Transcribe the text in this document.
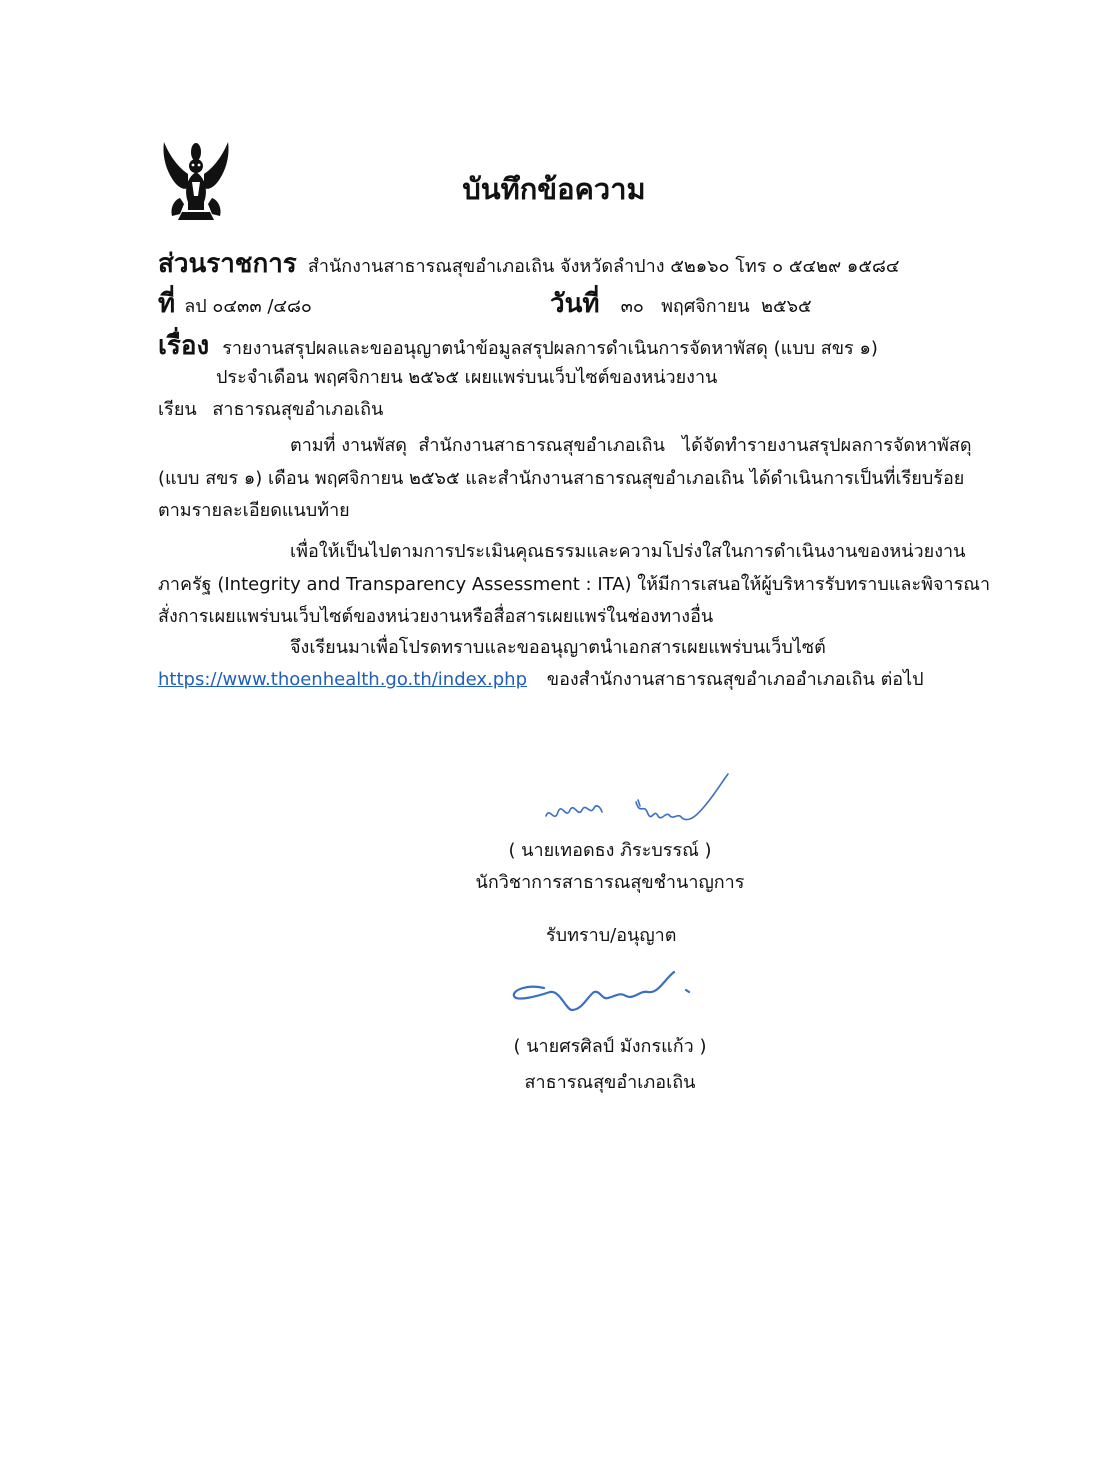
บันทึกข้อความ
ส่วนราชการ สำนักงานสาธารณสุขอำเภอเถิน จังหวัดลำปาง ๕๒๑๖๐ โทร ๐ ๕๔๒๙ ๑๕๘๔
ที่ ลป ๐๔๓๓ /๔๘๐	วันที่ ๓๐   พฤศจิกายน  ๒๕๖๕
เรื่อง รายงานสรุปผลและขออนุญาตนำข้อมูลสรุปผลการดำเนินการจัดหาพัสดุ (แบบ สขร ๑)
ประจำเดือน พฤศจิกายน ๒๕๖๕ เผยแพร่บนเว็บไซต์ของหน่วยงาน
เรียน สาธารณสุขอำเภอเถิน
ตามที่ งานพัสดุ  สำนักงานสาธารณสุขอำเภอเถิน   ได้จัดทำรายงานสรุปผลการจัดหาพัสดุ
(แบบ สขร ๑) เดือน พฤศจิกายน ๒๕๖๕ และสำนักงานสาธารณสุขอำเภอเถิน ได้ดำเนินการเป็นที่เรียบร้อย
ตามรายละเอียดแนบท้าย
เพื่อให้เป็นไปตามการประเมินคุณธรรมและความโปร่งใสในการดำเนินงานของหน่วยงาน
ภาครัฐ (Integrity and Transparency Assessment : ITA) ให้มีการเสนอให้ผู้บริหารรับทราบและพิจารณา
สั่งการเผยแพร่บนเว็บไซต์ของหน่วยงานหรือสื่อสารเผยแพร่ในช่องทางอื่น
จึงเรียนมาเพื่อโปรดทราบและขออนุญาตนำเอกสารเผยแพร่บนเว็บไซต์
https://www.thoenhealth.go.th/index.php ของสำนักงานสาธารณสุขอำเภออำเภอเถิน ต่อไป
( นายเทอดธง ภิระบรรณ์ )
นักวิชาการสาธารณสุขชำนาญการ
รับทราบ/อนุญาต
( นายศรศิลป์ มังกรแก้ว )
สาธารณสุขอำเภอเถิน
